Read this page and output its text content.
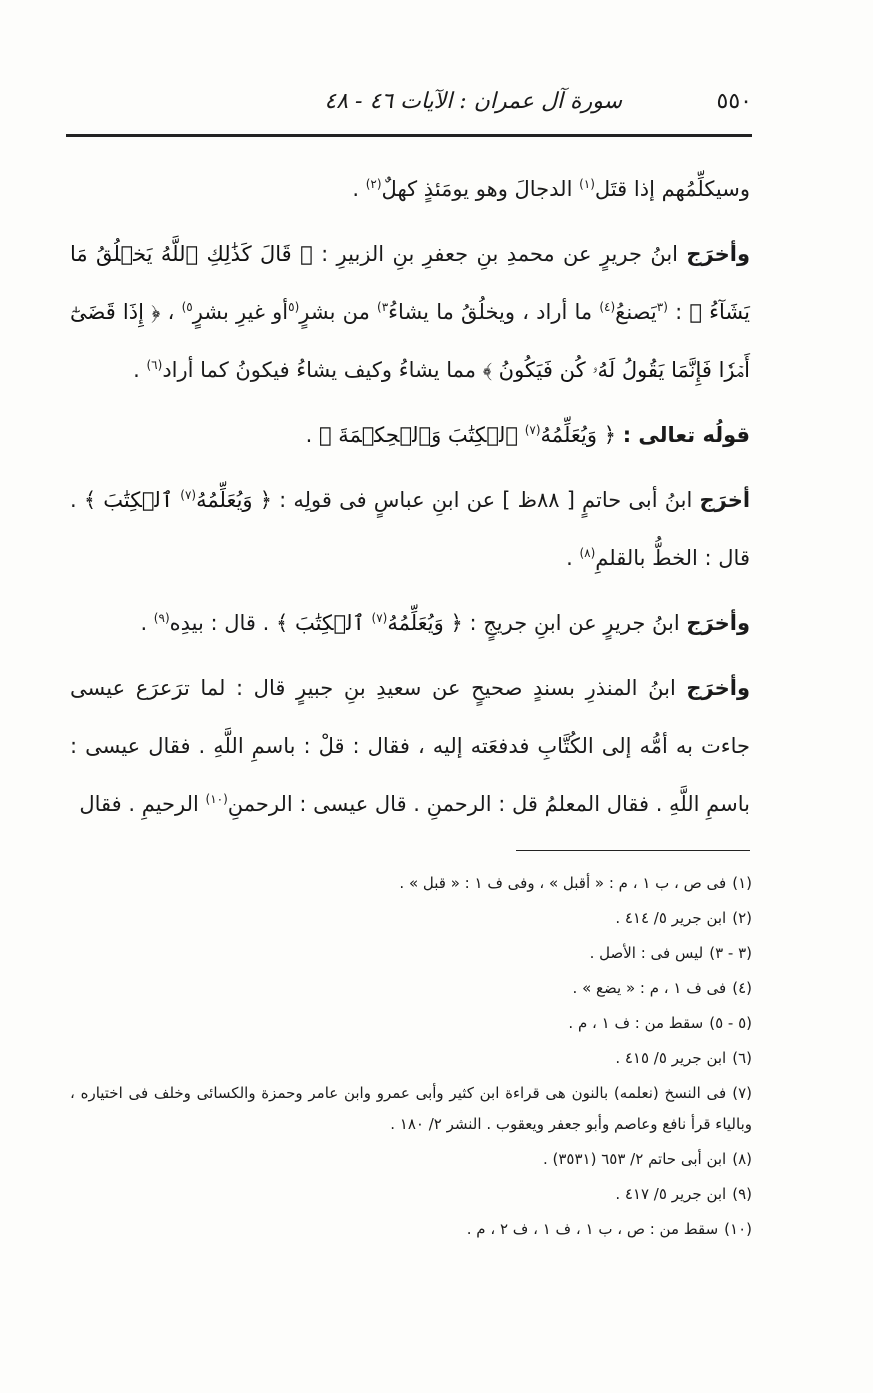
٥٥٠
سورة آل عمران : الآيات ٤٦ - ٤٨

وسيكلِّمُهم إذا قتَل$^{(١)}$ الدجالَ وهو يومَئذٍ كهلٌ$^{(٢)}$ .

وأخرَج ابنُ جريرٍ عن محمدِ بنِ جعفرِ بنِ الزبيرِ : ﴿ قَالَ كَذَٰلِكِ ٱللَّهُ يَخۡلُقُ مَا يَشَآءُ ﴾ : $^{(٣}$يَصنعُ$^{(٤)}$ ما أراد ، ويخلُقُ ما يشاءُ$^{٣)}$ من بشرٍ$^{(٥}$أو غيرِ بشرٍ$^{٥)}$ ، ﴿ إِذَا قَضَىٰٓ أَمۡرٗا فَإِنَّمَا يَقُولُ لَهُۥ كُن فَيَكُونُ ﴾ مما يشاءُ وكيف يشاءُ فيكونُ كما أراد$^{(٦)}$ .

قولُه تعالى : ﴿ وَيُعَلِّمُهُ$^{(٧)}$ ٱلۡكِتَٰبَ وَٱلۡحِكۡمَةَ ﴾ .

أخرَج ابنُ أبى حاتمٍ [ ٨٨ظ ] عن ابنِ عباسٍ فى قولِه : ﴿ وَيُعَلِّمُهُ$^{(٧)}$ ٱلۡكِتَٰبَ ﴾ . قال : الخطُّ بالقلمِ$^{(٨)}$ .

وأخرَج ابنُ جريرٍ عن ابنِ جريجٍ : ﴿ وَيُعَلِّمُهُ$^{(٧)}$ ٱلۡكِتَٰبَ ﴾ . قال : بيدِه$^{(٩)}$ .

وأخرَج ابنُ المنذرِ بسندٍ صحيحٍ عن سعيدِ بنِ جبيرٍ قال : لما ترَعرَع عيسى جاءت به أمُّه إلى الكُتَّابِ فدفعَته إليه ، فقال : قلْ : باسمِ اللَّهِ . فقال عيسى : باسمِ اللَّهِ . فقال المعلمُ قل : الرحمنِ . قال عيسى : الرحمنِ$^{(١٠)}$ الرحيمِ . فقال

(١)فى ص ، ب ١ ، م : « أقبل » ، وفى ف ١ : « قبل » .

(٢)ابن جرير ٥/ ٤١٤ .

(٣ - ٣)ليس فى : الأصل .

(٤)فى ف ١ ، م : « يضع » .

(٥ - ٥)سقط من : ف ١ ، م .

(٦)ابن جرير ٥/ ٤١٥ .

(٧)فى النسخ (نعلمه) بالنون هى قراءة ابن كثير وأبى عمرو وابن عامر وحمزة والكسائى وخلف فى اختياره ، وبالياء قرأ نافع وعاصم وأبو جعفر ويعقوب . النشر ٢/ ١٨٠ .

(٨)ابن أبى حاتم ٢/ ٦٥٣ (٣٥٣١) .

(٩)ابن جرير ٥/ ٤١٧ .

(١٠)سقط من : ص ، ب ١ ، ف ١ ، ف ٢ ، م .
